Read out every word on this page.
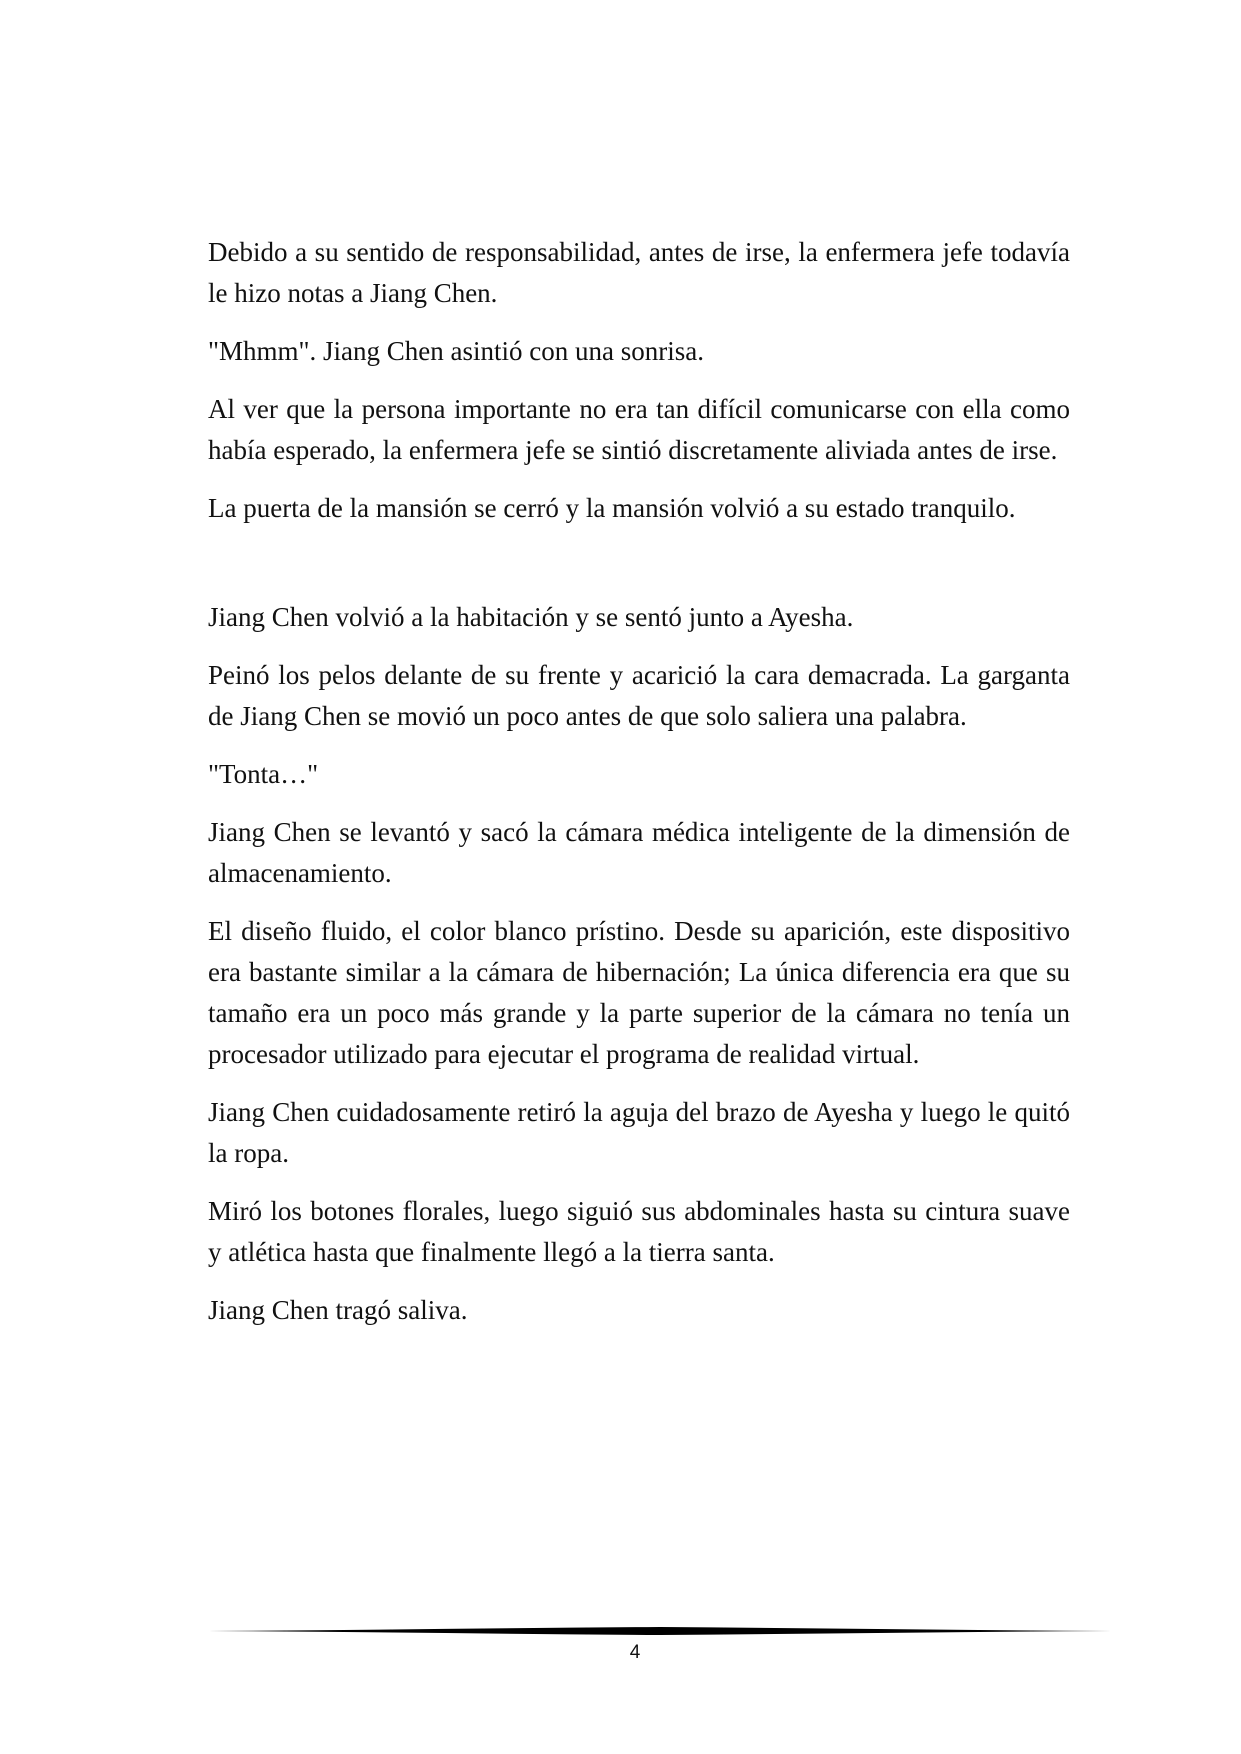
Debido a su sentido de responsabilidad, antes de irse, la enfermera jefe todavía le hizo notas a Jiang Chen.

"Mhmm". Jiang Chen asintió con una sonrisa.

Al ver que la persona importante no era tan difícil comunicarse con ella como había esperado, la enfermera jefe se sintió discretamente aliviada antes de irse.

La puerta de la mansión se cerró y la mansión volvió a su estado tranquilo.

Jiang Chen volvió a la habitación y se sentó junto a Ayesha.

Peinó los pelos delante de su frente y acarició la cara demacrada. La garganta de Jiang Chen se movió un poco antes de que solo saliera una palabra.

"Tonta…"

Jiang Chen se levantó y sacó la cámara médica inteligente de la dimensión de almacenamiento.

El diseño fluido, el color blanco prístino. Desde su aparición, este dispositivo era bastante similar a la cámara de hibernación; La única diferencia era que su tamaño era un poco más grande y la parte superior de la cámara no tenía un procesador utilizado para ejecutar el programa de realidad virtual.

Jiang Chen cuidadosamente retiró la aguja del brazo de Ayesha y luego le quitó la ropa.

Miró los botones florales, luego siguió sus abdominales hasta su cintura suave y atlética hasta que finalmente llegó a la tierra santa.

Jiang Chen tragó saliva.

4
